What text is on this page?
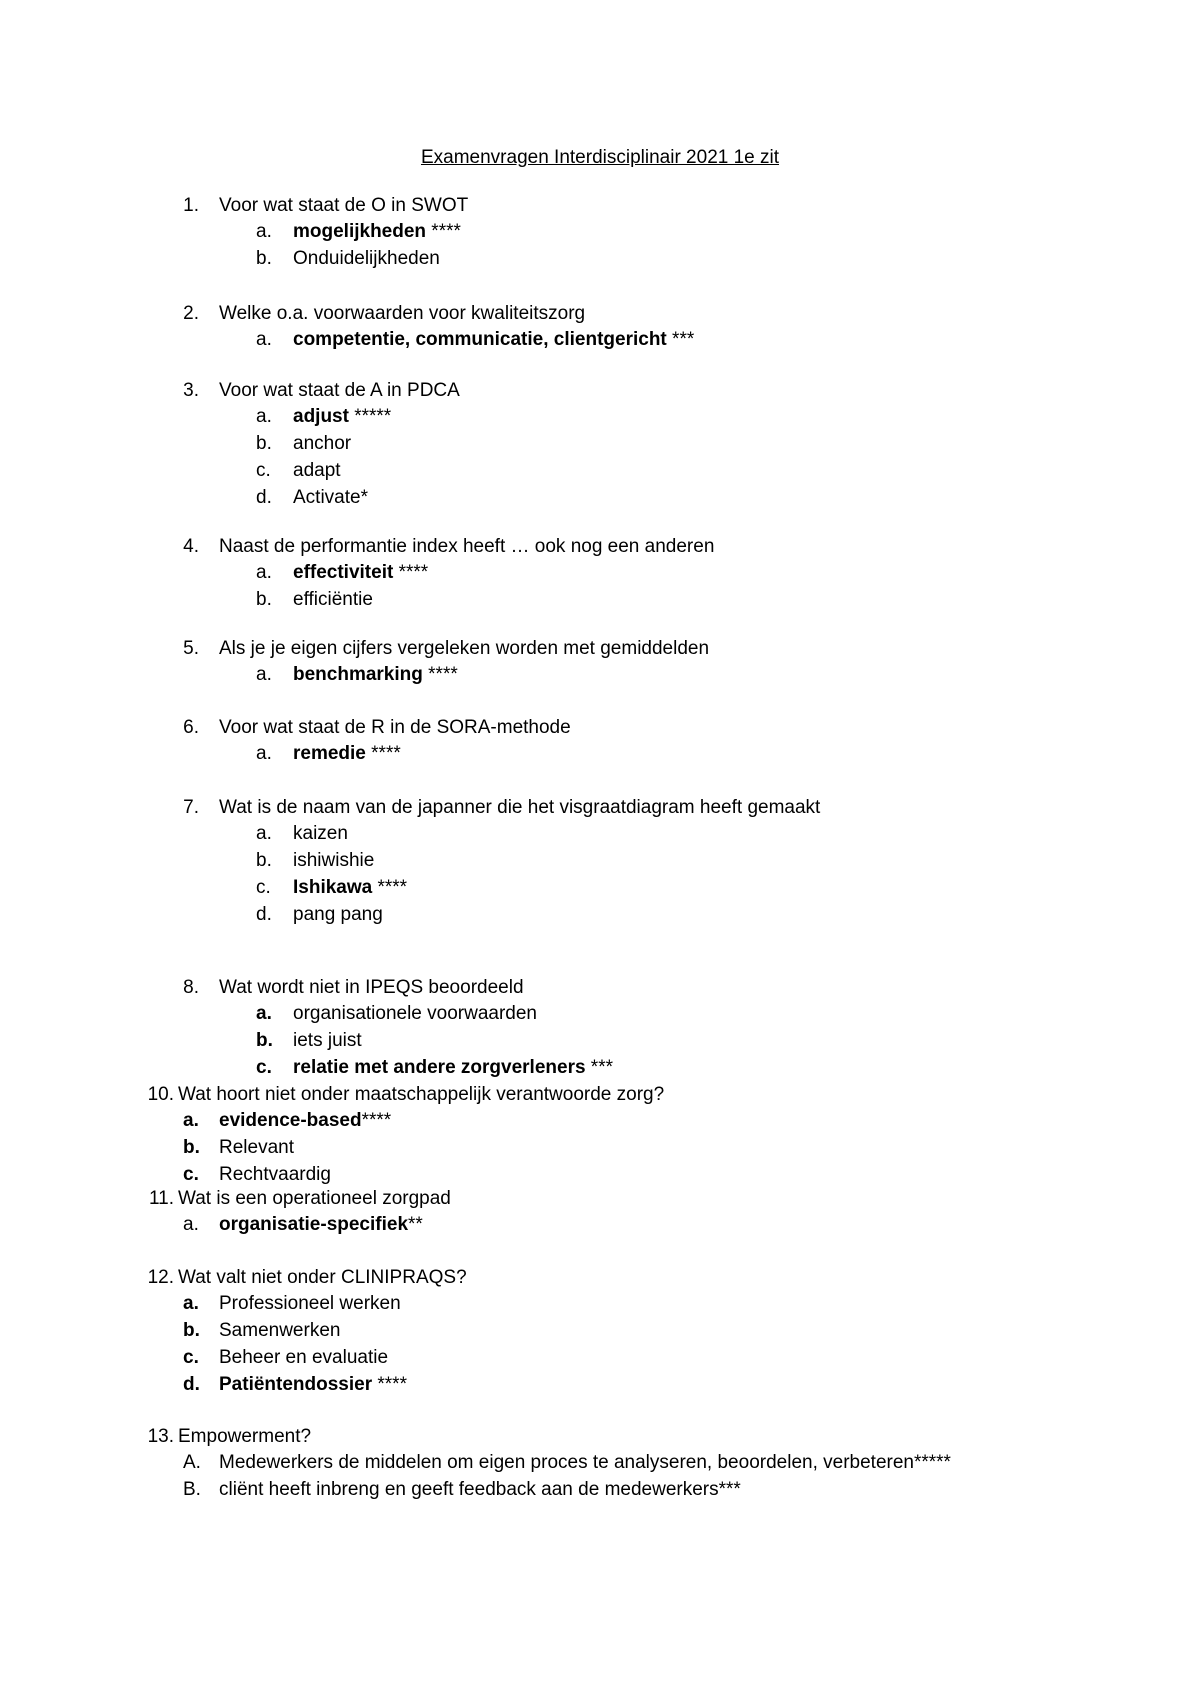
Examenvragen Interdisciplinair 2021 1e zit
1. Voor wat staat de O in SWOT
a. mogelijkheden ****
b. Onduidelijkheden
2. Welke o.a. voorwaarden voor kwaliteitszorg
a. competentie, communicatie, clientgericht ***
3. Voor wat staat de A in PDCA
a. adjust *****
b. anchor
c. adapt
d. Activate*
4. Naast de performantie index heeft … ook nog een anderen
a. effectiviteit ****
b. efficiëntie
5. Als je je eigen cijfers vergeleken worden met gemiddelden
a. benchmarking ****
6. Voor wat staat de R in de SORA-methode
a. remedie ****
7. Wat is de naam van de japanner die het visgraatdiagram heeft gemaakt
a. kaizen
b. ishiwishie
c. Ishikawa ****
d. pang pang
8. Wat wordt niet in IPEQS beoordeeld
a. organisationele voorwaarden
b. iets juist
c. relatie met andere zorgverleners ***
10. Wat hoort niet onder maatschappelijk verantwoorde zorg?
a. evidence-based****
b. Relevant
c. Rechtvaardig
11. Wat is een operationeel zorgpad
a. organisatie-specifiek**
12. Wat valt niet onder CLINIPRAQS?
a. Professioneel werken
b. Samenwerken
c. Beheer en evaluatie
d. Patiëntendossier ****
13. Empowerment?
A. Medewerkers de middelen om eigen proces te analyseren, beoordelen, verbeteren*****
B. cliënt heeft inbreng en geeft feedback aan de medewerkers***
